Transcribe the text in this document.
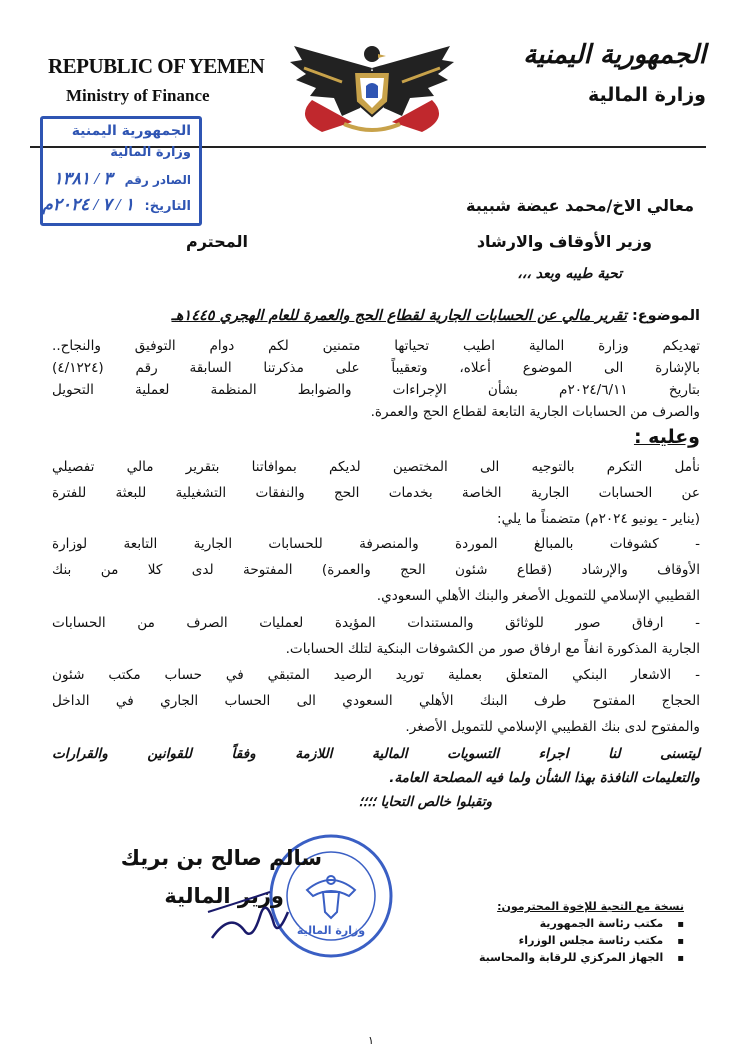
REPUBLIC OF YEMEN
Ministry of Finance
الجمهورية اليمنية
وزارة المالية
الجمهورية اليمنية
وزارة المالية
الصادر رقم ٣ / ١٣٨١
التاريخ: ١ / ٧ / ٢٠٢٤م	معالي الاخ/محمد عيضة شبيبة
وزير الأوقاف والارشاد
المحترم
تحية طيبه وبعد ،،،
الموضوع: تقرير مالي عن الحسابات الجارية لقطاع الحج والعمرة للعام الهجري ١٤٤٥هـ
تهديكم وزارة المالية اطيب تحياتها متمنين لكم دوام التوفيق والنجاح..
بالإشارة الى الموضوع أعلاه، وتعقيباً على مذكرتنا السابقة رقم (٤/١٢٢٤)
بتاريخ ٢٠٢٤/٦/١١م بشأن الإجراءات والضوابط المنظمة لعملية التحويل
والصرف من الحسابات الجارية التابعة لقطاع الحج والعمرة.
وعليه :
نأمل التكرم بالتوجيه الى المختصين لديكم بموافاتنا بتقرير مالي تفصيلي
عن الحسابات الجارية الخاصة بخدمات الحج والنفقات التشغيلية للبعثة للفترة
(يناير - يونيو ٢٠٢٤م) متضمناً ما يلي:
- كشوفات بالمبالغ الموردة والمنصرفة للحسابات الجارية التابعة لوزارة
الأوقاف والإرشاد (قطاع شئون الحج والعمرة) المفتوحة لدى كلا من بنك
القطيبي الإسلامي للتمويل الأصغر والبنك الأهلي السعودي.
- ارفاق صور للوثائق والمستندات المؤيدة لعمليات الصرف من الحسابات
الجارية المذكورة انفاً مع ارفاق صور من الكشوفات البنكية لتلك الحسابات.
- الاشعار البنكي المتعلق بعملية توريد الرصيد المتبقي في حساب مكتب شئون
الحجاج المفتوح طرف البنك الأهلي السعودي الى الحساب الجاري في الداخل
والمفتوح لدى بنك القطيبي الإسلامي للتمويل الأصغر.
ليتسنى لنا اجراء التسويات المالية اللازمة وفقاً للقوانين والقرارات
والتعليمات النافذة بهذا الشأن ولما فيه المصلحة العامة.
وتقبلوا خالص التحايا ؛؛؛؛
وزارة المالية
سالم صالح بن بريك
وزير المالية	نسخة مع التحية للإخوة المحترمون:
▪ مكتب رئاسة الجمهورية
▪ مكتب رئاسة مجلس الوزراء
▪ الجهاز المركزي للرقابة والمحاسبة
١
